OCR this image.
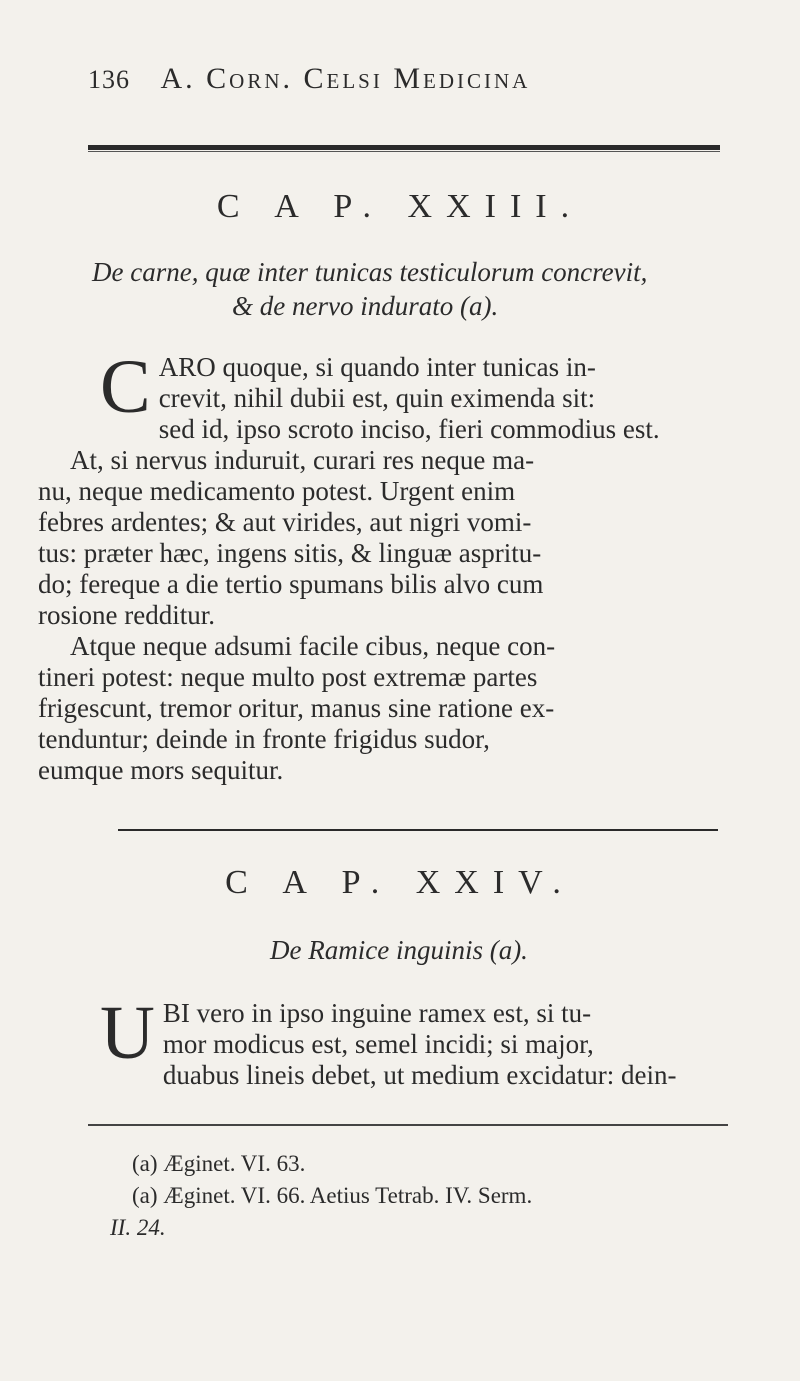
136 A. Corn. Celsi Medicina
C A P. XXIII.
De carne, quæ inter tunicas testiculorum concrevit,
& de nervo indurato (a).
C ARO quoque, si quando inter tunicas in-
crevit, nihil dubii est, quin eximenda sit:
sed id, ipso scroto inciso, fieri commodius est.
At, si nervus induruit, curari res neque ma-
nu, neque medicamento potest. Urgent enim
febres ardentes; & aut virides, aut nigri vomi-
tus: præter hæc, ingens sitis, & linguæ aspritu-
do; fereque a die tertio spumans bilis alvo cum
rosione redditur.
Atque neque adsumi facile cibus, neque con-
tineri potest: neque multo post extremæ partes
frigescunt, tremor oritur, manus sine ratione ex-
tenduntur; deinde in fronte frigidus sudor,
eumque mors sequitur.
C A P. XXIV.
De Ramice inguinis (a).
U BI vero in ipso inguine ramex est, si tu-
mor modicus est, semel incidi; si major,
duabus lineis debet, ut medium excidatur: dein-
(a) Æginet. VI. 63.
(a) Æginet. VI. 66. Aetius Tetrab. IV. Serm.
II. 24.
